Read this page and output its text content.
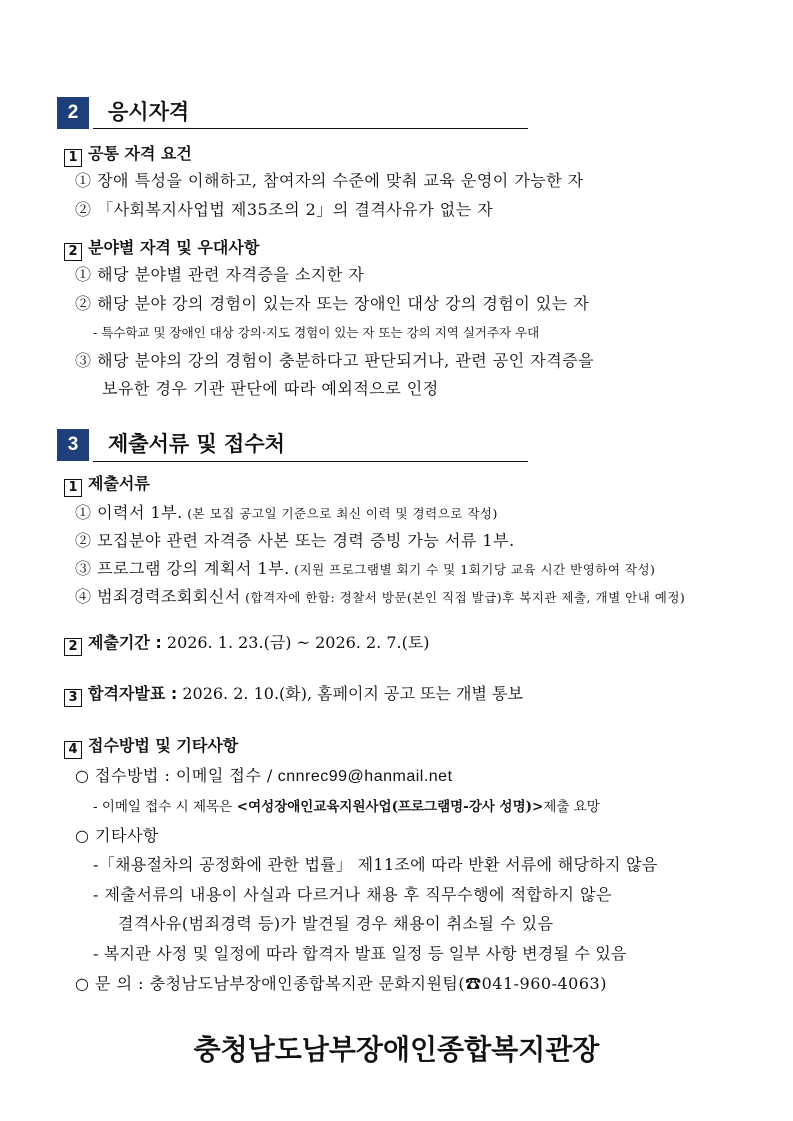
2	응시자격
1 공통 자격 요건
① 장애 특성을 이해하고, 참여자의 수준에 맞춰 교육 운영이 가능한 자
② 「사회복지사업법 제35조의 2」의 결격사유가 없는 자
2 분야별 자격 및 우대사항
① 해당 분야별 관련 자격증을 소지한 자
② 해당 분야 강의 경험이 있는자 또는 장애인 대상 강의 경험이 있는 자
- 특수학교 및 장애인 대상 강의·지도 경험이 있는 자 또는 강의 지역 실거주자 우대
③ 해당 분야의 강의 경험이 충분하다고 판단되거나, 관련 공인 자격증을
보유한 경우 기관 판단에 따라 예외적으로 인정
3	제출서류 및 접수처
1 제출서류
① 이력서 1부. (본 모집 공고일 기준으로 최신 이력 및 경력으로 작성)
② 모집분야 관련 자격증 사본 또는 경력 증빙 가능 서류 1부.
③ 프로그램 강의 계획서 1부. (지원 프로그램별 회기 수 및 1회기당 교육 시간 반영하여 작성)
④ 범죄경력조회회신서 (합격자에 한함: 경찰서 방문(본인 직접 발급)후 복지관 제출, 개별 안내 예정)
2 제출기간 : 2026. 1. 23.(금) ~ 2026. 2. 7.(토)
3 합격자발표 : 2026. 2. 10.(화), 홈페이지 공고 또는 개별 통보
4 접수방법 및 기타사항
○ 접수방법 : 이메일 접수 / cnnrec99@hanmail.net
- 이메일 접수 시 제목은 <여성장애인교육지원사업(프로그램명-강사 성명)>제출 요망
○ 기타사항
-「채용절차의 공정화에 관한 법률」 제11조에 따라 반환 서류에 해당하지 않음
- 제출서류의 내용이 사실과 다르거나 채용 후 직무수행에 적합하지 않은
결격사유(범죄경력 등)가 발견될 경우 채용이 취소될 수 있음
- 복지관 사정 및 일정에 따라 합격자 발표 일정 등 일부 사항 변경될 수 있음
○ 문 의 : 충청남도남부장애인종합복지관 문화지원팀(☎041-960-4063)
충청남도남부장애인종합복지관장
